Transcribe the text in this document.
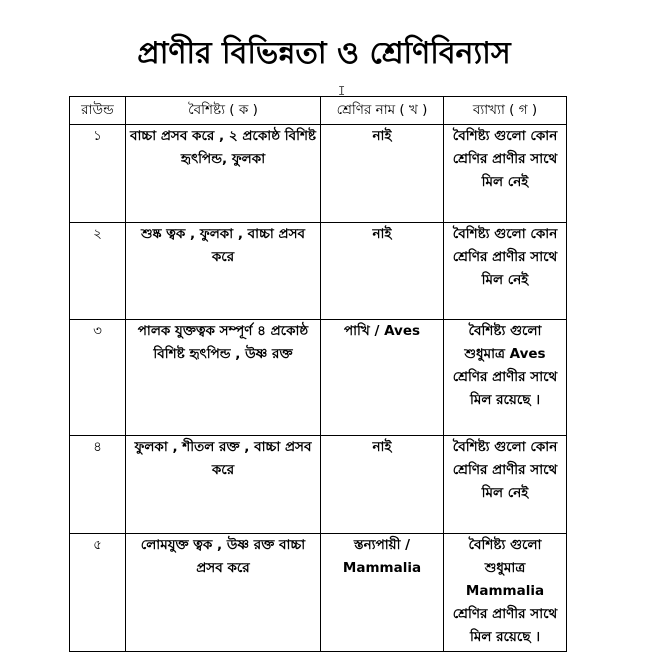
প্রাণীর বিভিন্নতা ও শ্রেণিবিন্যাস
I
রাউন্ড	বৈশিষ্ট্য ( ক )	শ্রেণির নাম ( খ )	ব্যাখ্যা ( গ )
১	বাচ্চা প্রসব করে , ২ প্রকোষ্ঠ বিশিষ্ট হৃৎপিন্ড, ফুলকা	নাই	বৈশিষ্ট্য গুলো কোন শ্রেণির প্রাণীর সাথে মিল নেই
২	শুষ্ক ত্বক , ফুলকা , বাচ্চা প্রসব করে	নাই	বৈশিষ্ট্য গুলো কোন শ্রেণির প্রাণীর সাথে মিল নেই
৩	পালক যুক্তত্বক সম্পূর্ণ ৪ প্রকোষ্ঠ বিশিষ্ট হৃৎপিন্ড , উষ্ণ রক্ত	পাখি / Aves	বৈশিষ্ট্য গুলো শুধুমাত্র Aves শ্রেণির প্রাণীর সাথে মিল রয়েছে ।
৪	ফুলকা , শীতল রক্ত , বাচ্চা প্রসব করে	নাই	বৈশিষ্ট্য গুলো কোন শ্রেণির প্রাণীর সাথে মিল নেই
৫	লোমযুক্ত ত্বক , উষ্ণ রক্ত বাচ্চা প্রসব করে	স্তন্যপায়ী / Mammalia	বৈশিষ্ট্য গুলো শুধুমাত্র Mammalia শ্রেণির প্রাণীর সাথে মিল রয়েছে ।
